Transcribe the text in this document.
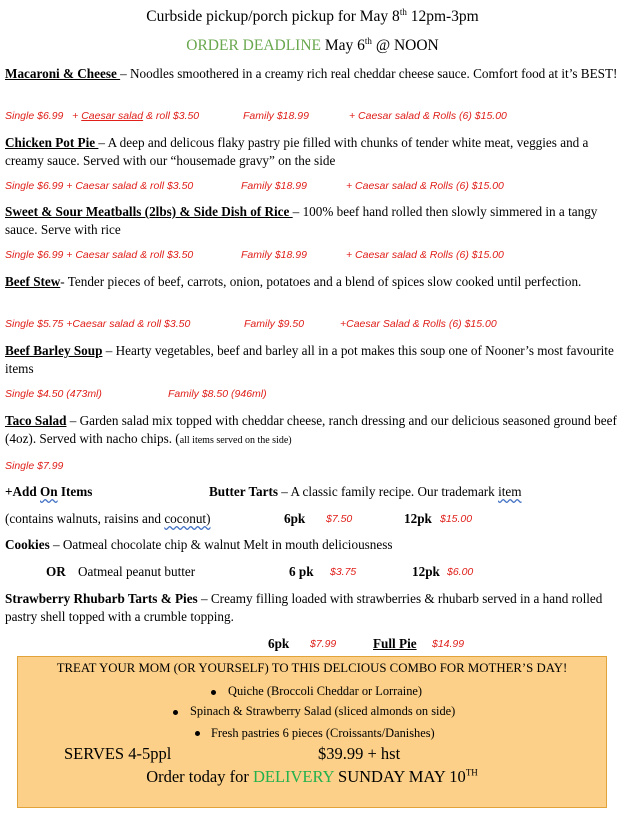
Curbside pickup/porch pickup for May 8th 12pm-3pm
ORDER DEADLINE May 6th @ NOON
Macaroni & Cheese – Noodles smoothered in a creamy rich real cheddar cheese sauce. Comfort food at it’s BEST!
Single $6.99 + Caesar salad & roll $3.50	Family $18.99	+ Caesar salad & Rolls (6) $15.00
Chicken Pot Pie – A deep and delicous flaky pastry pie filled with chunks of tender white meat, veggies and a creamy sauce. Served with our “housemade gravy” on the side
Single $6.99 + Caesar salad & roll $3.50	Family $18.99	+ Caesar salad & Rolls (6) $15.00
Sweet & Sour Meatballs (2lbs) & Side Dish of Rice – 100% beef hand rolled then slowly simmered in a tangy sauce. Serve with rice
Single $6.99 + Caesar salad & roll $3.50	Family $18.99	+ Caesar salad & Rolls (6) $15.00
Beef Stew- Tender pieces of beef, carrots, onion, potatoes and a blend of spices slow cooked until perfection.
Single $5.75 +Caesar salad & roll $3.50	Family $9.50	+Caesar Salad & Rolls (6) $15.00
Beef Barley Soup – Hearty vegetables, beef and barley all in a pot makes this soup one of Nooner’s most favourite items
Single $4.50 (473ml)	Family $8.50 (946ml)
Taco Salad – Garden salad mix topped with cheddar cheese, ranch dressing and our delicious seasoned ground beef (4oz). Served with nacho chips. (all items served on the side)
Single $7.99
+Add On Items	Butter Tarts – A classic family recipe. Our trademark item
(contains walnuts, raisins and coconut)	6pk $7.50	12pk $15.00
Cookies – Oatmeal chocolate chip & walnut Melt in mouth deliciousness
OR Oatmeal peanut butter	6 pk $3.75	12pk $6.00
Strawberry Rhubarb Tarts & Pies – Creamy filling loaded with strawberries & rhubarb served in a hand rolled pastry shell topped with a crumble topping.
6pk $7.99	Full Pie $14.99
TREAT YOUR MOM (OR YOURSELF) TO THIS DELCIOUS COMBO FOR MOTHER’S DAY!
Quiche (Broccoli Cheddar or Lorraine)
Spinach & Strawberry Salad (sliced almonds on side)
Fresh pastries 6 pieces (Croissants/Danishes)
SERVES 4-5ppl	$39.99 + hst
Order today for DELIVERY SUNDAY MAY 10TH
